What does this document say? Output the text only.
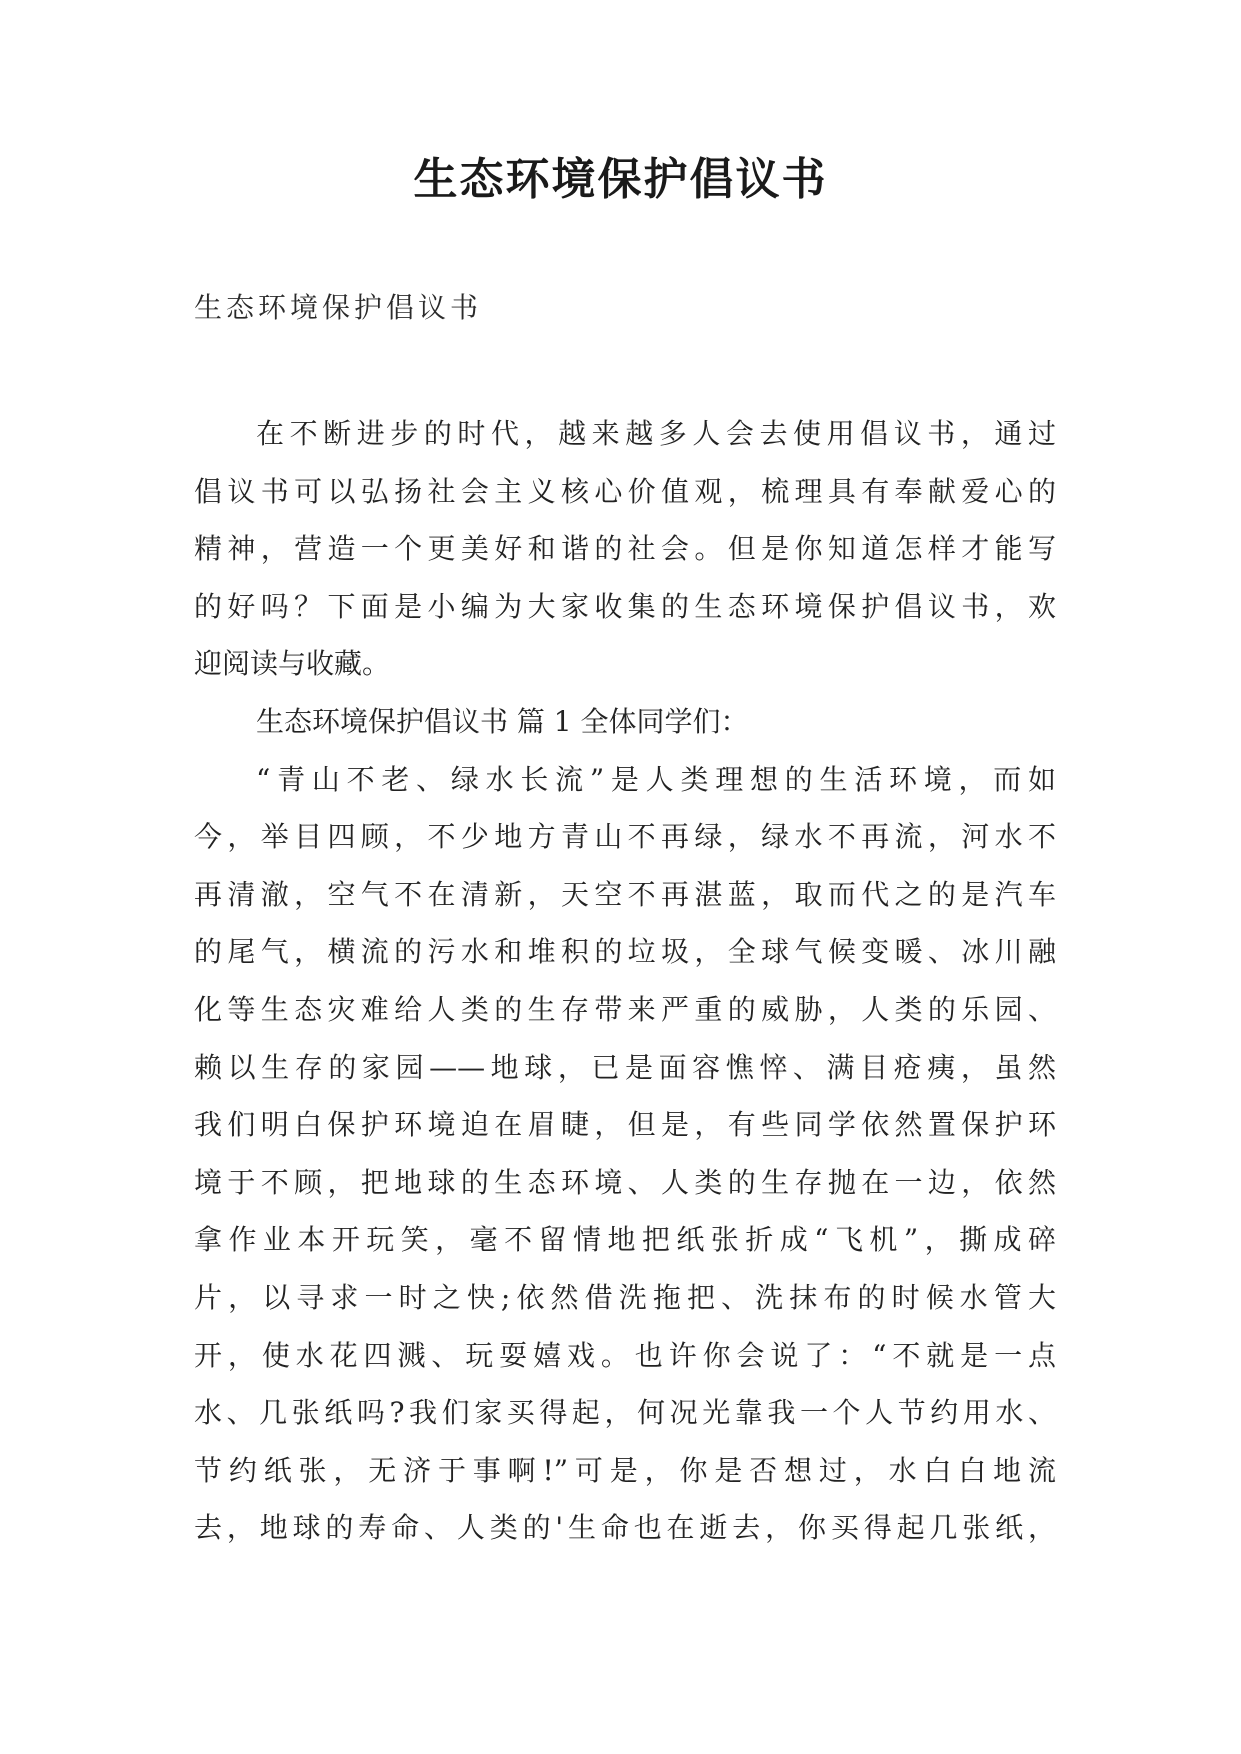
生态环境保护倡议书
生态环境保护倡议书
在不断进步的时代，越来越多人会去使用倡议书，通过
倡议书可以弘扬社会主义核心价值观，梳理具有奉献爱心的
精神，营造一个更美好和谐的社会。但是你知道怎样才能写
的好吗？下面是小编为大家收集的生态环境保护倡议书，欢
迎阅读与收藏。
生态环境保护倡议书 篇 1 全体同学们：
“青山不老、绿水长流”是人类理想的生活环境，而如
今，举目四顾，不少地方青山不再绿，绿水不再流，河水不
再清澈，空气不在清新，天空不再湛蓝，取而代之的是汽车
的尾气，横流的污水和堆积的垃圾，全球气候变暖、冰川融
化等生态灾难给人类的生存带来严重的威胁，人类的乐园、
赖以生存的家园——地球，已是面容憔悴、满目疮痍，虽然
我们明白保护环境迫在眉睫，但是，有些同学依然置保护环
境于不顾，把地球的生态环境、人类的生存抛在一边，依然
拿作业本开玩笑，毫不留情地把纸张折成“飞机”，撕成碎
片，以寻求一时之快;依然借洗拖把、洗抹布的时候水管大
开，使水花四溅、玩耍嬉戏。也许你会说了：“不就是一点
水、几张纸吗?我们家买得起，何况光靠我一个人节约用水、
节约纸张，无济于事啊!”可是，你是否想过，水白白地流
去，地球的寿命、人类的'生命也在逝去，你买得起几张纸，
